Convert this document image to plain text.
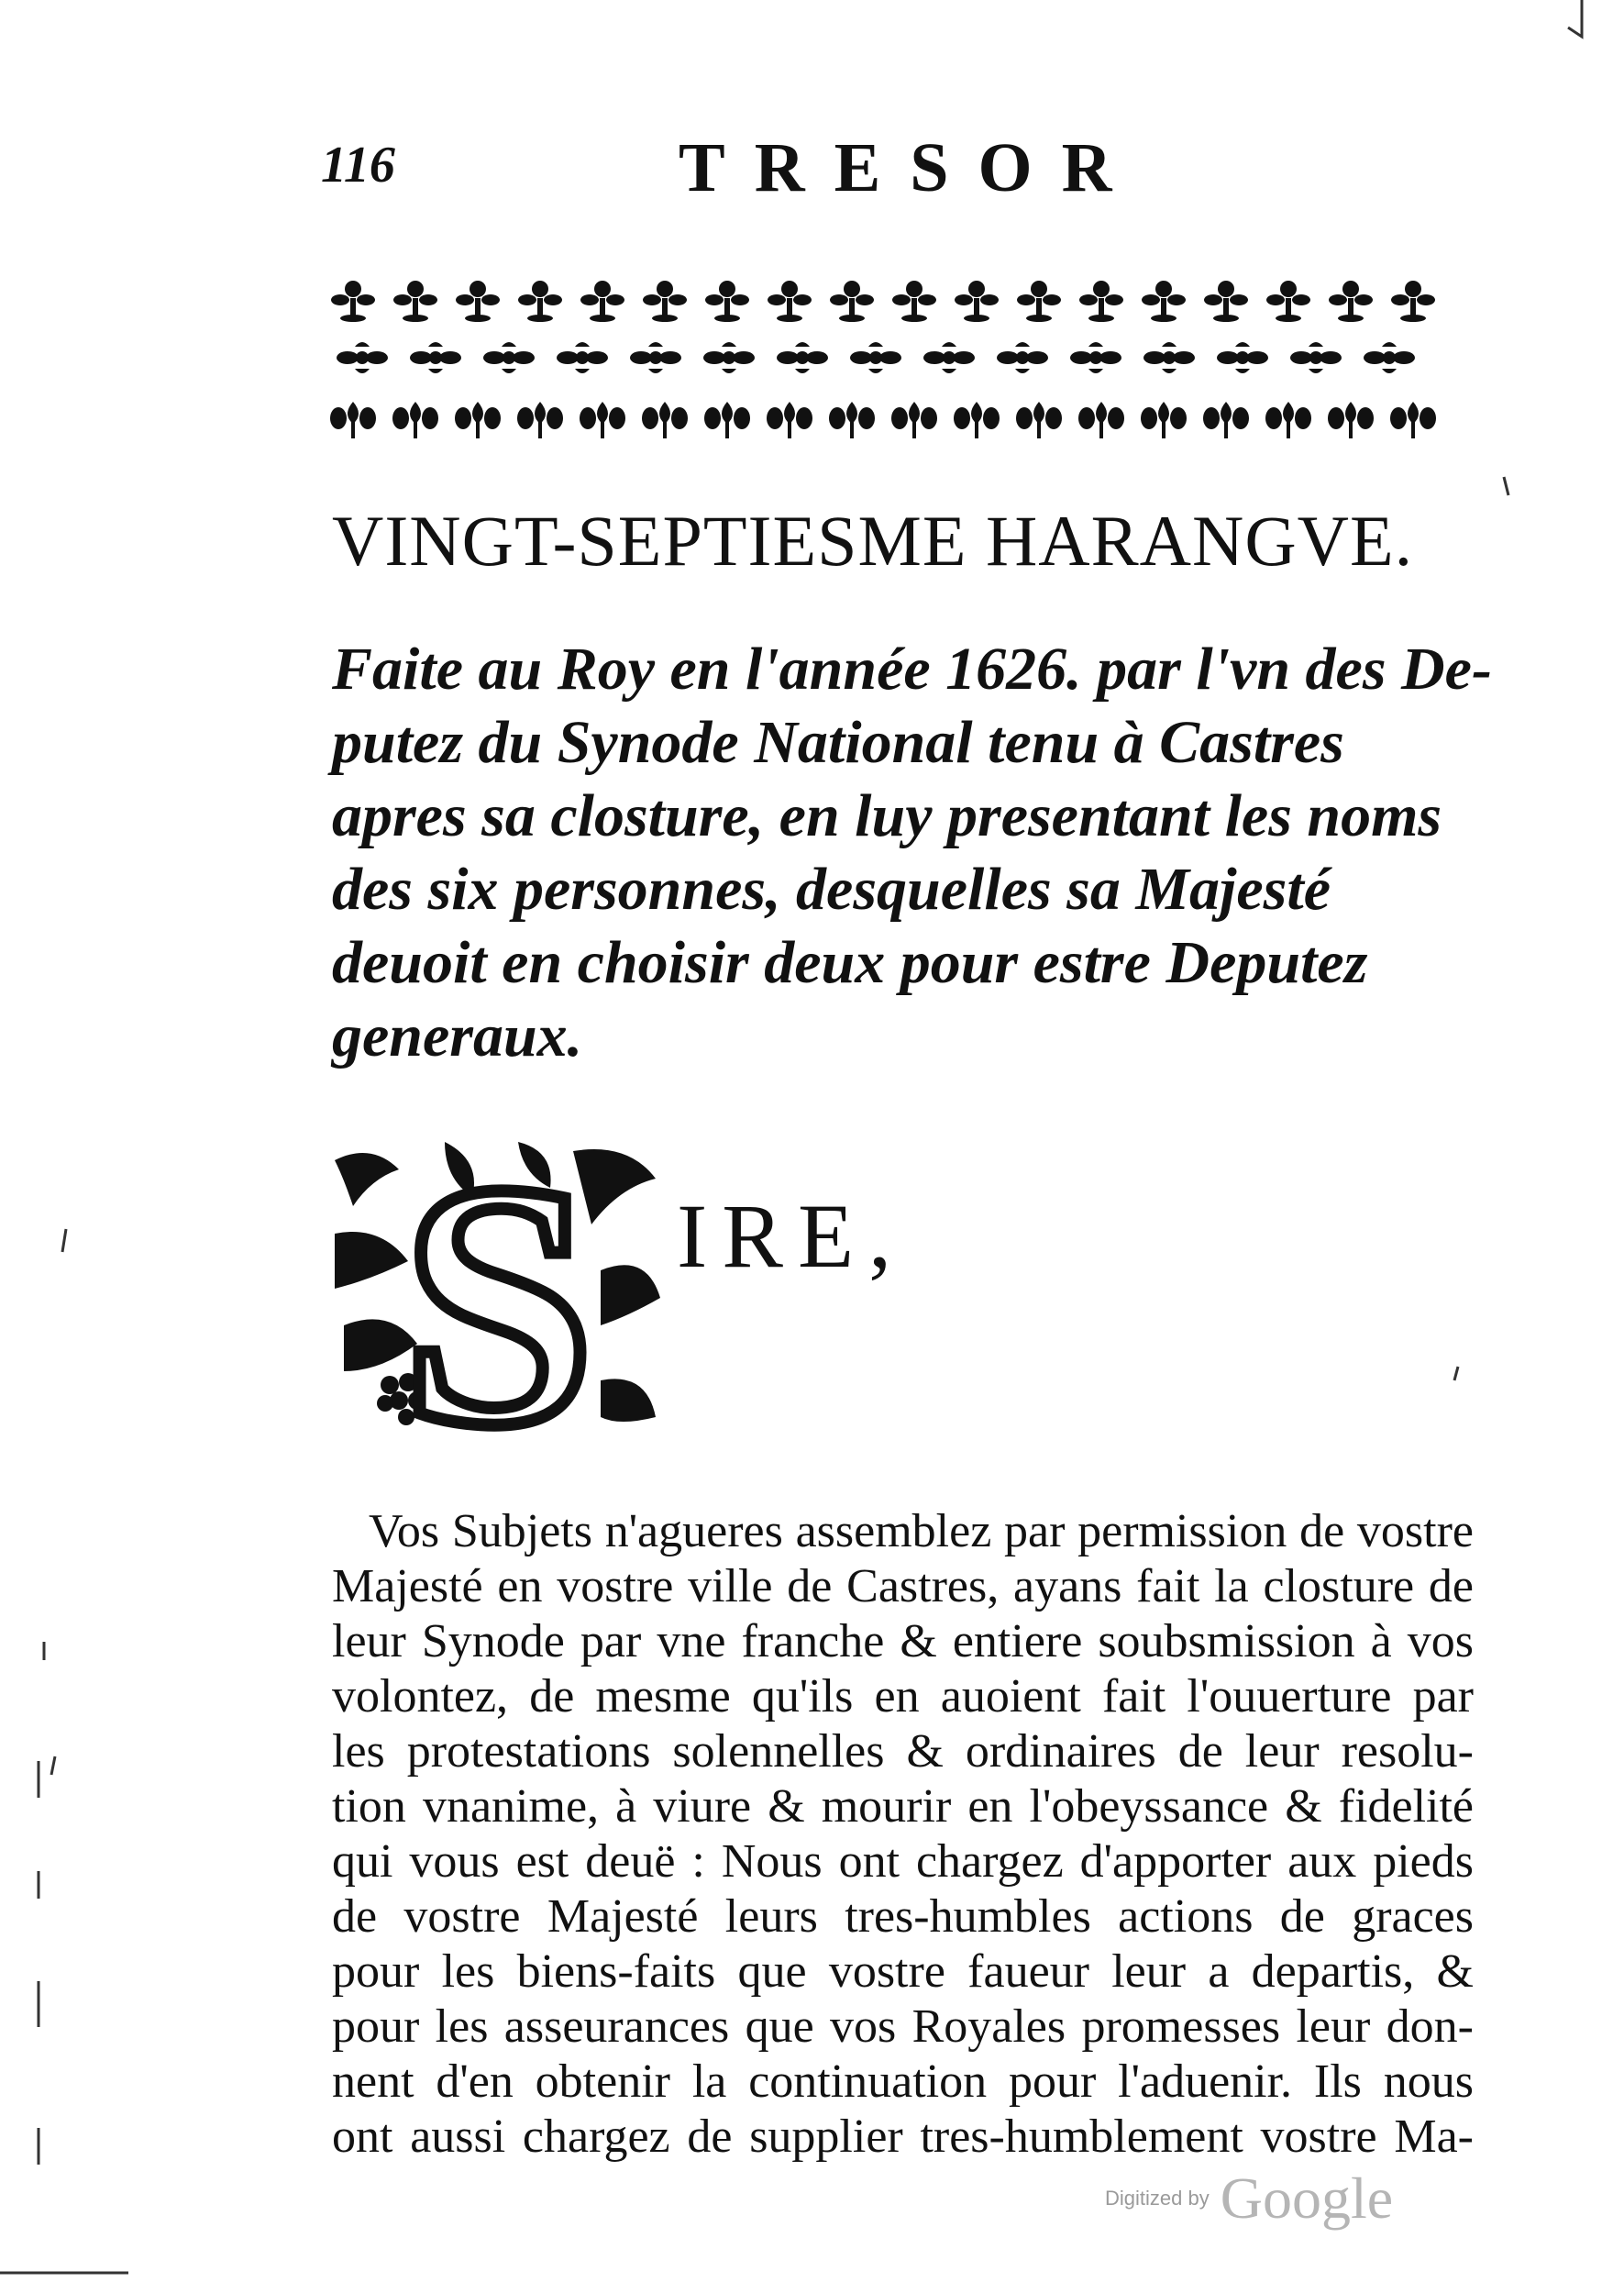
116	TRESOR
VINGT-SEPTIESME HARANGVE.
Faite au Roy en l'année 1626. par l'vn des De-
putez du Synode National tenu à Castres
apres sa closture, en luy presentant les noms
des six personnes, desquelles sa Majesté
deuoit en choisir deux pour estre Deputez
generaux.
S IRE,
Vos Subjets n'agueres assemblez par permission de vostre
Majesté en vostre ville de Castres, ayans fait la closture de
leur Synode par vne franche & entiere soubsmission à vos
volontez, de mesme qu'ils en auoient fait l'ouuerture par
les protestations solennelles & ordinaires de leur resolu-
tion vnanime, à viure & mourir en l'obeyssance & fidelité
qui vous est deuë : Nous ont chargez d'apporter aux pieds
de vostre Majesté leurs tres-humbles actions de graces
pour les biens-faits que vostre faueur leur a departis, &
pour les asseurances que vos Royales promesses leur don-
nent d'en obtenir la continuation pour l'aduenir. Ils nous
ont aussi chargez de supplier tres-humblement vostre Ma-
Digitized by Google
